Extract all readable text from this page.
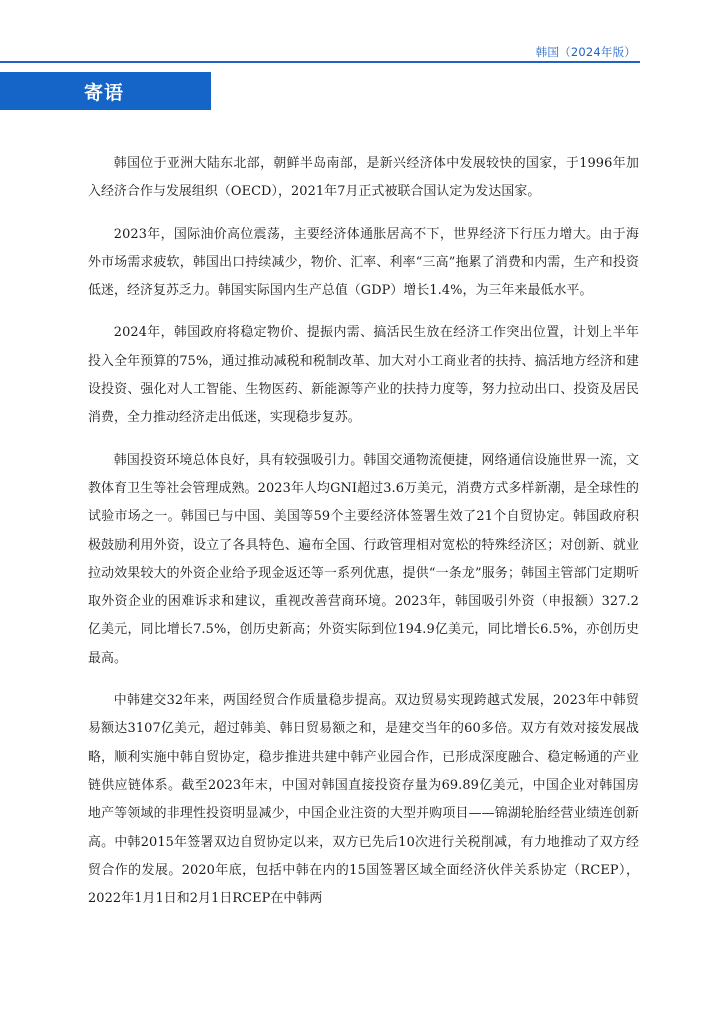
韩国（2024年版）
寄语

韩国位于亚洲大陆东北部，朝鲜半岛南部，是新兴经济体中发展较快的国家，于1996年加入经济合作与发展组织（OECD），2021年7月正式被联合国认定为发达国家。

2023年，国际油价高位震荡，主要经济体通胀居高不下，世界经济下行压力增大。由于海外市场需求疲软，韩国出口持续减少，物价、汇率、利率“三高”拖累了消费和内需，生产和投资低迷，经济复苏乏力。韩国实际国内生产总值（GDP）增长1.4%，为三年来最低水平。

2024年，韩国政府将稳定物价、提振内需、搞活民生放在经济工作突出位置，计划上半年投入全年预算的75%，通过推动减税和税制改革、加大对小工商业者的扶持、搞活地方经济和建设投资、强化对人工智能、生物医药、新能源等产业的扶持力度等，努力拉动出口、投资及居民消费，全力推动经济走出低迷，实现稳步复苏。

韩国投资环境总体良好，具有较强吸引力。韩国交通物流便捷，网络通信设施世界一流，文教体育卫生等社会管理成熟。2023年人均GNI超过3.6万美元，消费方式多样新潮，是全球性的试验市场之一。韩国已与中国、美国等59个主要经济体签署生效了21个自贸协定。韩国政府积极鼓励利用外资，设立了各具特色、遍布全国、行政管理相对宽松的特殊经济区；对创新、就业拉动效果较大的外资企业给予现金返还等一系列优惠，提供“一条龙”服务；韩国主管部门定期听取外资企业的困难诉求和建议，重视改善营商环境。2023年，韩国吸引外资（申报额）327.2亿美元，同比增长7.5%，创历史新高；外资实际到位194.9亿美元，同比增长6.5%，亦创历史最高。

中韩建交32年来，两国经贸合作质量稳步提高。双边贸易实现跨越式发展，2023年中韩贸易额达3107亿美元，超过韩美、韩日贸易额之和，是建交当年的60多倍。双方有效对接发展战略，顺利实施中韩自贸协定，稳步推进共建中韩产业园合作，已形成深度融合、稳定畅通的产业链供应链体系。截至2023年末，中国对韩国直接投资存量为69.89亿美元，中国企业对韩国房地产等领域的非理性投资明显减少，中国企业注资的大型并购项目——锦湖轮胎经营业绩连创新高。中韩2015年签署双边自贸协定以来，双方已先后10次进行关税削减，有力地推动了双方经贸合作的发展。2020年底，包括中韩在内的15国签署区域全面经济伙伴关系协定（RCEP），2022年1月1日和2月1日RCEP在中韩两
